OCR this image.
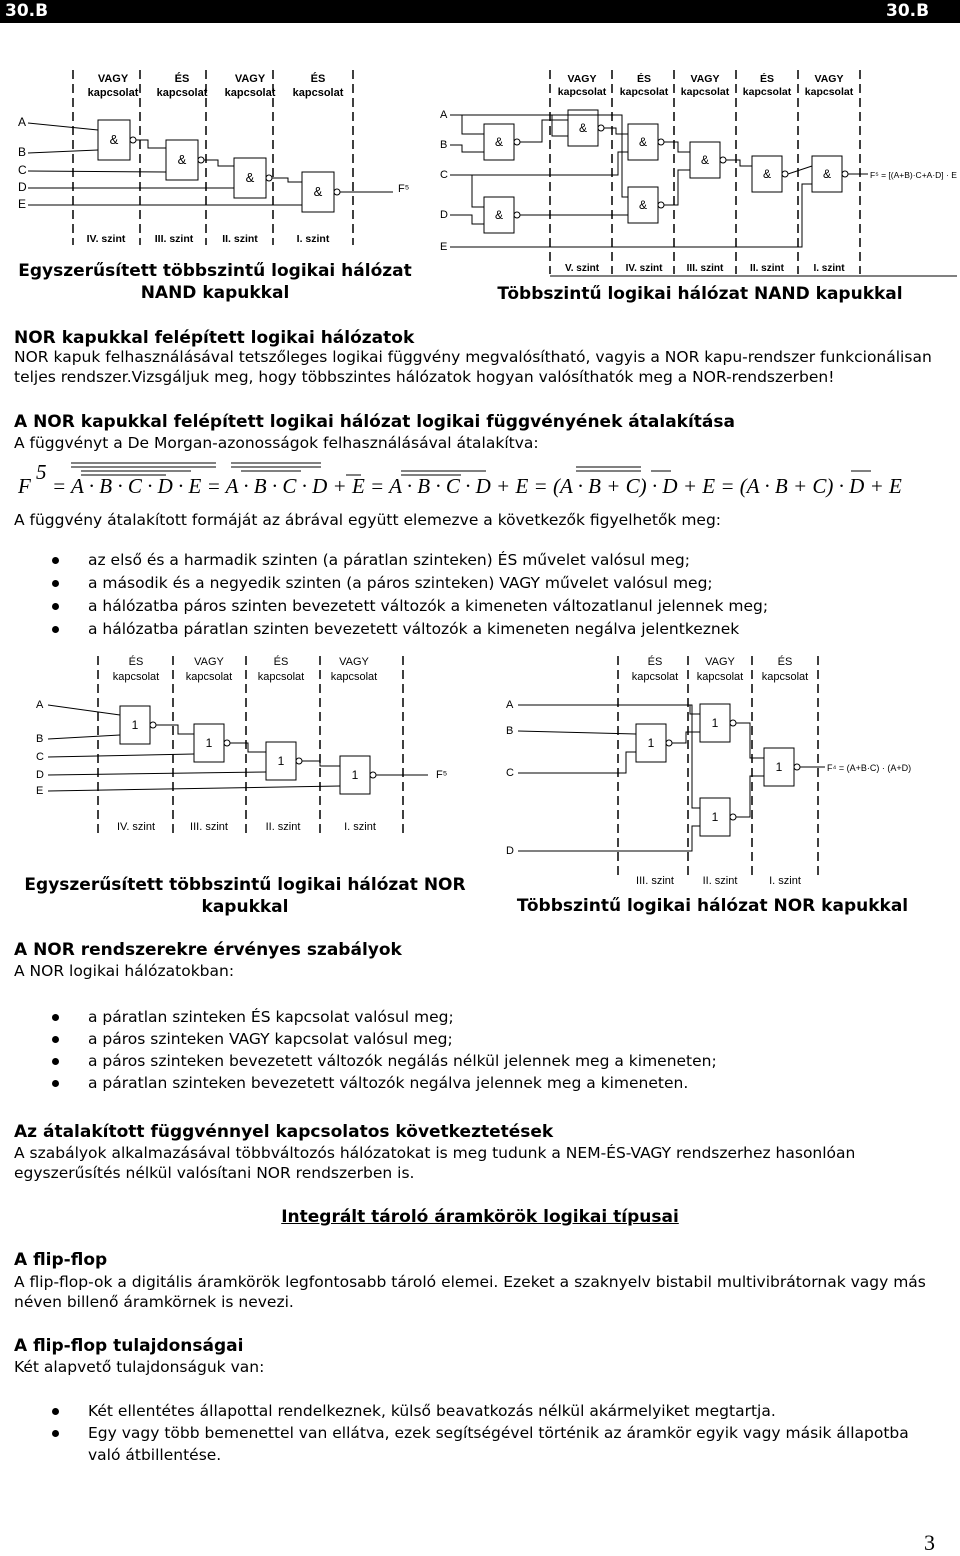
30.B	30.B
VAGY
kapcsolat
ÉS
kapcsolat
VAGY
kapcsolat
ÉS
kapcsolat
A
B
C
D
E
&
&
&
&	F⁵
IV. szint	III. szint	II. szint	I. szint
VAGY
kapcsolat
ÉS
kapcsolat
VAGY
kapcsolat
ÉS
kapcsolat
VAGY
kapcsolat
A
B
C
D
E
&
&
&
&
&
&
&	&	F⁵ = [(A+B)·C+A·D] · E
V. szint	IV. szint III. szint	II. szint	I. szint
Egyszerűsített többszintű logikai hálózat NAND kapukkal	Többszintű logikai hálózat NAND kapukkal
NOR kapukkal felépített logikai hálózatok
NOR kapuk felhasználásával tetszőleges logikai függvény megvalósítható, vagyis a NOR kapu-rendszer funkcionálisan teljes rendszer.Vizsgáljuk meg, hogy többszintes hálózatok hogyan valósíthatók meg a NOR-rendszerben!
A NOR kapukkal felépített logikai hálózat logikai függvényének átalakítása
A függvényt a De Morgan-azonosságok felhasználásával átalakítva:
F
5
= A · B · C · D · E = A · B · C · D + E = A · B · C · D + E = (A · B + C) · D + E = (A · B + C) · D + E
A függvény átalakított formáját az ábrával együtt elemezve a következők figyelhetők meg:
az első és a harmadik szinten (a páratlan szinteken) ÉS művelet valósul meg;
a második és a negyedik szinten (a páros szinteken) VAGY művelet valósul meg;
a hálózatba páros szinten bevezetett változók a kimeneten változatlanul jelennek meg;
a hálózatba páratlan szinten bevezetett változók a kimeneten negálva jelentkeznek
ÉS
kapcsolat
VAGY
kapcsolat
ÉS
kapcsolat
VAGY
kapcsolat
A
B
C
D
E
1
1
1
1	F⁵
IV. szint	III. szint	II. szint	I. szint
ÉS
kapcsolat
VAGY
kapcsolat
ÉS
kapcsolat
A
B
C
D
1
1
1
1	F⁴ = (A+B·C) · (A+D)
III. szint	II. szint	I. szint
Egyszerűsített többszintű logikai hálózat NOR kapukkal	Többszintű logikai hálózat NOR kapukkal
A NOR rendszerekre érvényes szabályok
A NOR logikai hálózatokban:
a páratlan szinteken ÉS kapcsolat valósul meg;
a páros szinteken VAGY kapcsolat valósul meg;
a páros szinteken bevezetett változók negálás nélkül jelennek meg a kimeneten;
a páratlan szinteken bevezetett változók negálva jelennek meg a kimeneten.
Az átalakított függvénnyel kapcsolatos következtetések
A szabályok alkalmazásával többváltozós hálózatokat is meg tudunk a NEM-ÉS-VAGY rendszerhez hasonlóan egyszerűsítés nélkül valósítani NOR rendszerben is.
Integrált tároló áramkörök logikai típusai
A flip-flop
A flip-flop-ok a digitális áramkörök legfontosabb tároló elemei. Ezeket a szaknyelv bistabil multivibrátornak vagy más néven billenő áramkörnek is nevezi.
A flip-flop tulajdonságai
Két alapvető tulajdonságuk van:
Két ellentétes állapottal rendelkeznek, külső beavatkozás nélkül akármelyiket megtartja.
Egy vagy több bemenettel van ellátva, ezek segítségével történik az áramkör egyik vagy másik állapotba való átbillentése.
3
